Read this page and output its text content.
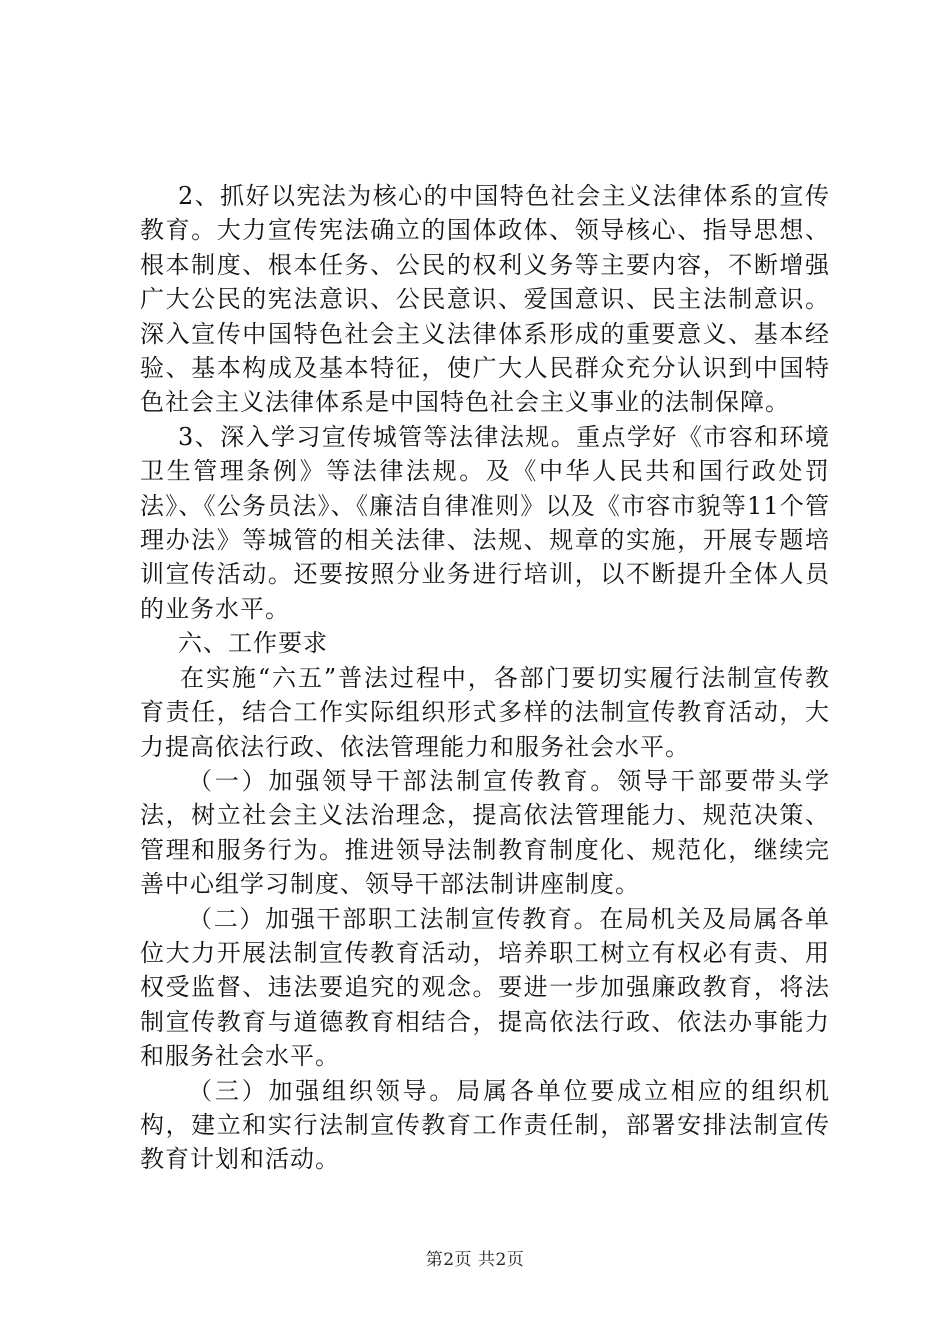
2、抓好以宪法为核心的中国特色社会主义法律体系的宣传教育。大力宣传宪法确立的国体政体、领导核心、指导思想、根本制度、根本任务、公民的权利义务等主要内容，不断增强广大公民的宪法意识、公民意识、爱国意识、民主法制意识。深入宣传中国特色社会主义法律体系形成的重要意义、基本经验、基本构成及基本特征，使广大人民群众充分认识到中国特色社会主义法律体系是中国特色社会主义事业的法制保障。

3、深入学习宣传城管等法律法规。重点学好《市容和环境卫生管理条例》等法律法规。及《中华人民共和国行政处罚法》、《公务员法》、《廉洁自律准则》以及《市容市貌等11个管理办法》等城管的相关法律、法规、规章的实施，开展专题培训宣传活动。还要按照分业务进行培训，以不断提升全体人员的业务水平。

六、工作要求

在实施“六五”普法过程中，各部门要切实履行法制宣传教育责任，结合工作实际组织形式多样的法制宣传教育活动，大力提高依法行政、依法管理能力和服务社会水平。

（一）加强领导干部法制宣传教育。领导干部要带头学法，树立社会主义法治理念，提高依法管理能力、规范决策、管理和服务行为。推进领导法制教育制度化、规范化，继续完善中心组学习制度、领导干部法制讲座制度。

（二）加强干部职工法制宣传教育。在局机关及局属各单位大力开展法制宣传教育活动，培养职工树立有权必有责、用权受监督、违法要追究的观念。要进一步加强廉政教育，将法制宣传教育与道德教育相结合，提高依法行政、依法办事能力和服务社会水平。

（三）加强组织领导。局属各单位要成立相应的组织机构，建立和实行法制宣传教育工作责任制，部署安排法制宣传教育计划和活动。

第2页 共2页
